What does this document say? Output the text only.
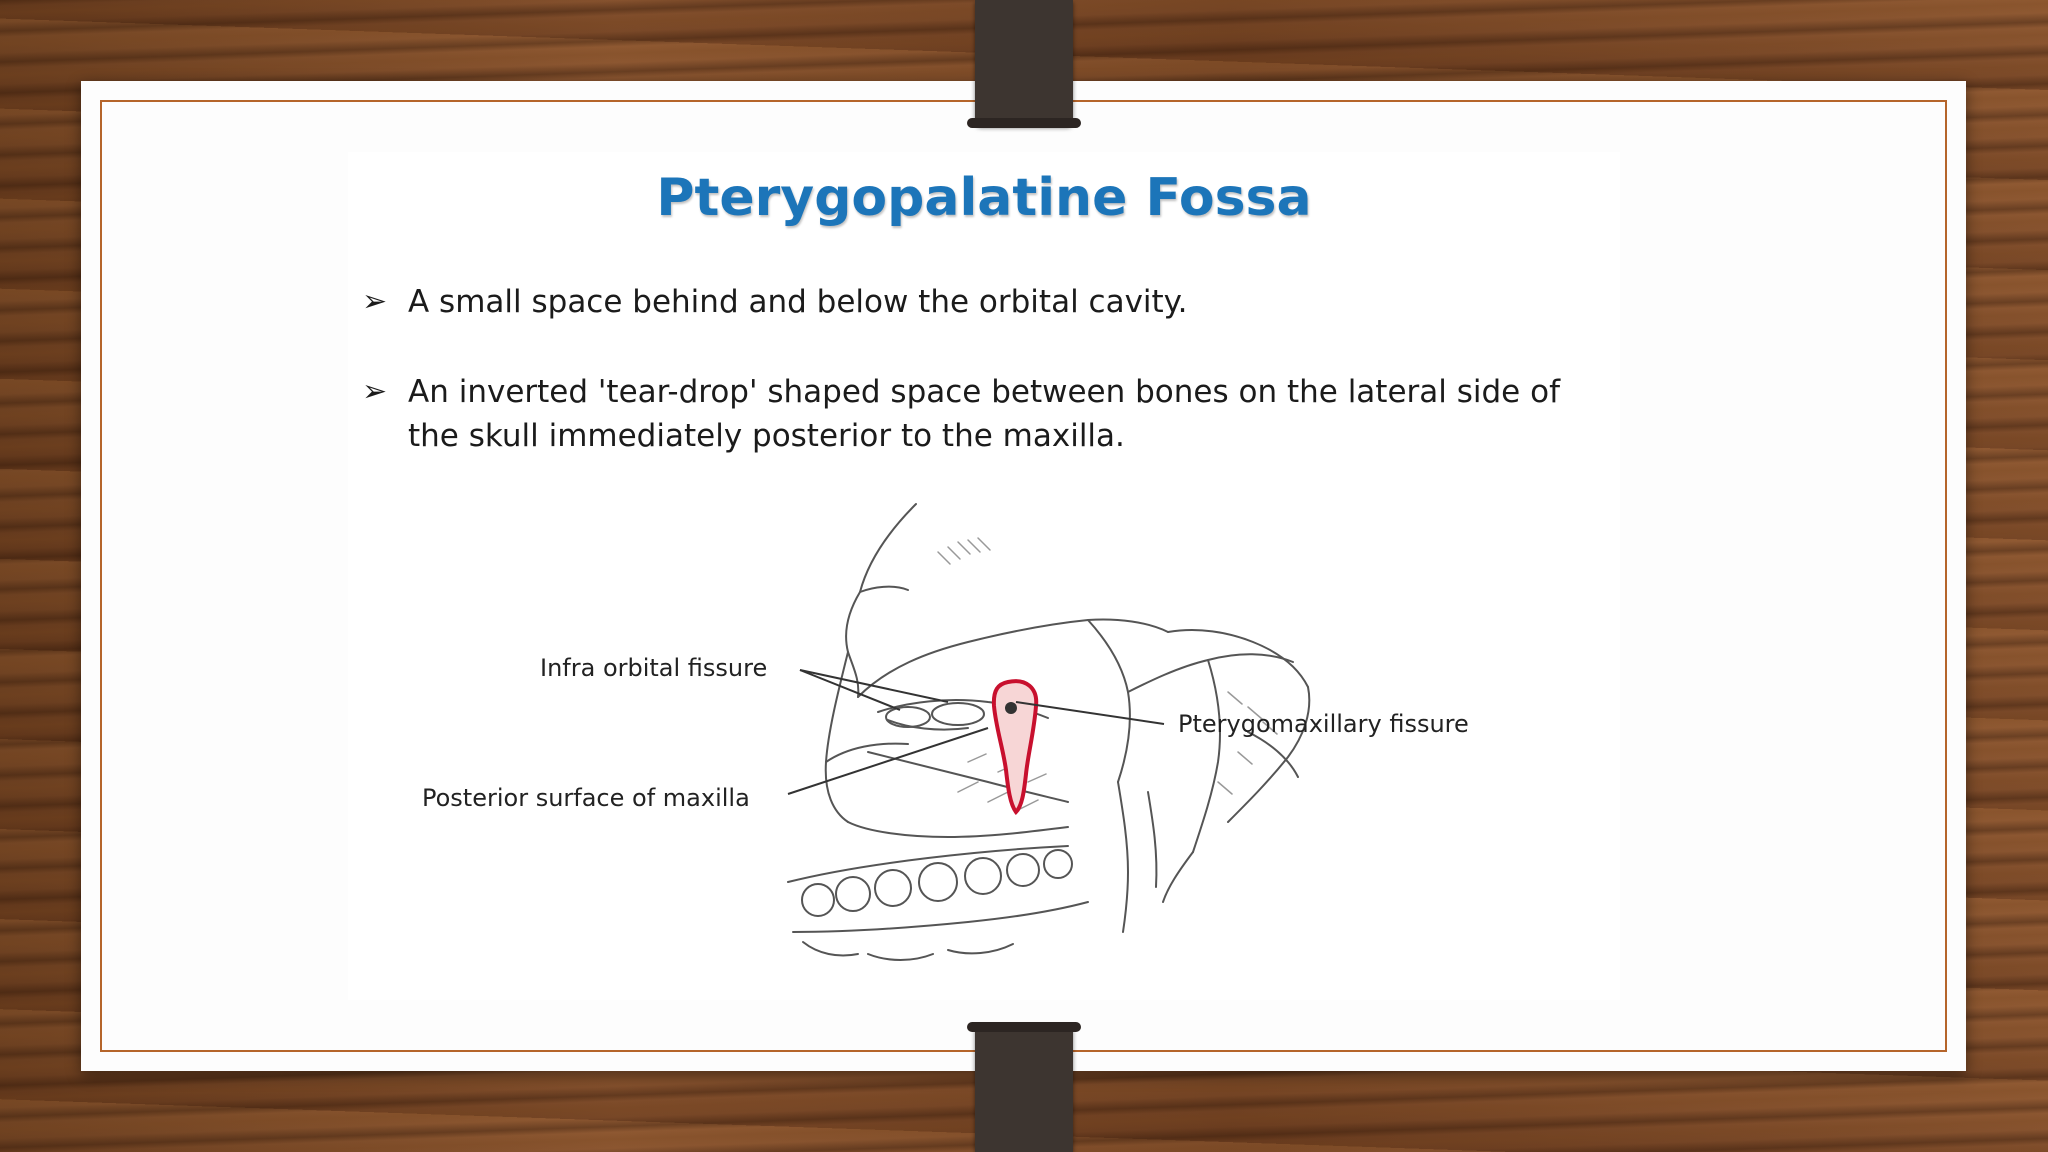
Pterygopalatine Fossa
➢ A small space behind and below the orbital cavity.
➢ An inverted 'tear-drop' shaped space between bones on the lateral side of the skull immediately posterior to the maxilla.
Infra orbital fissure
Posterior surface of maxilla
Pterygomaxillary fissure
